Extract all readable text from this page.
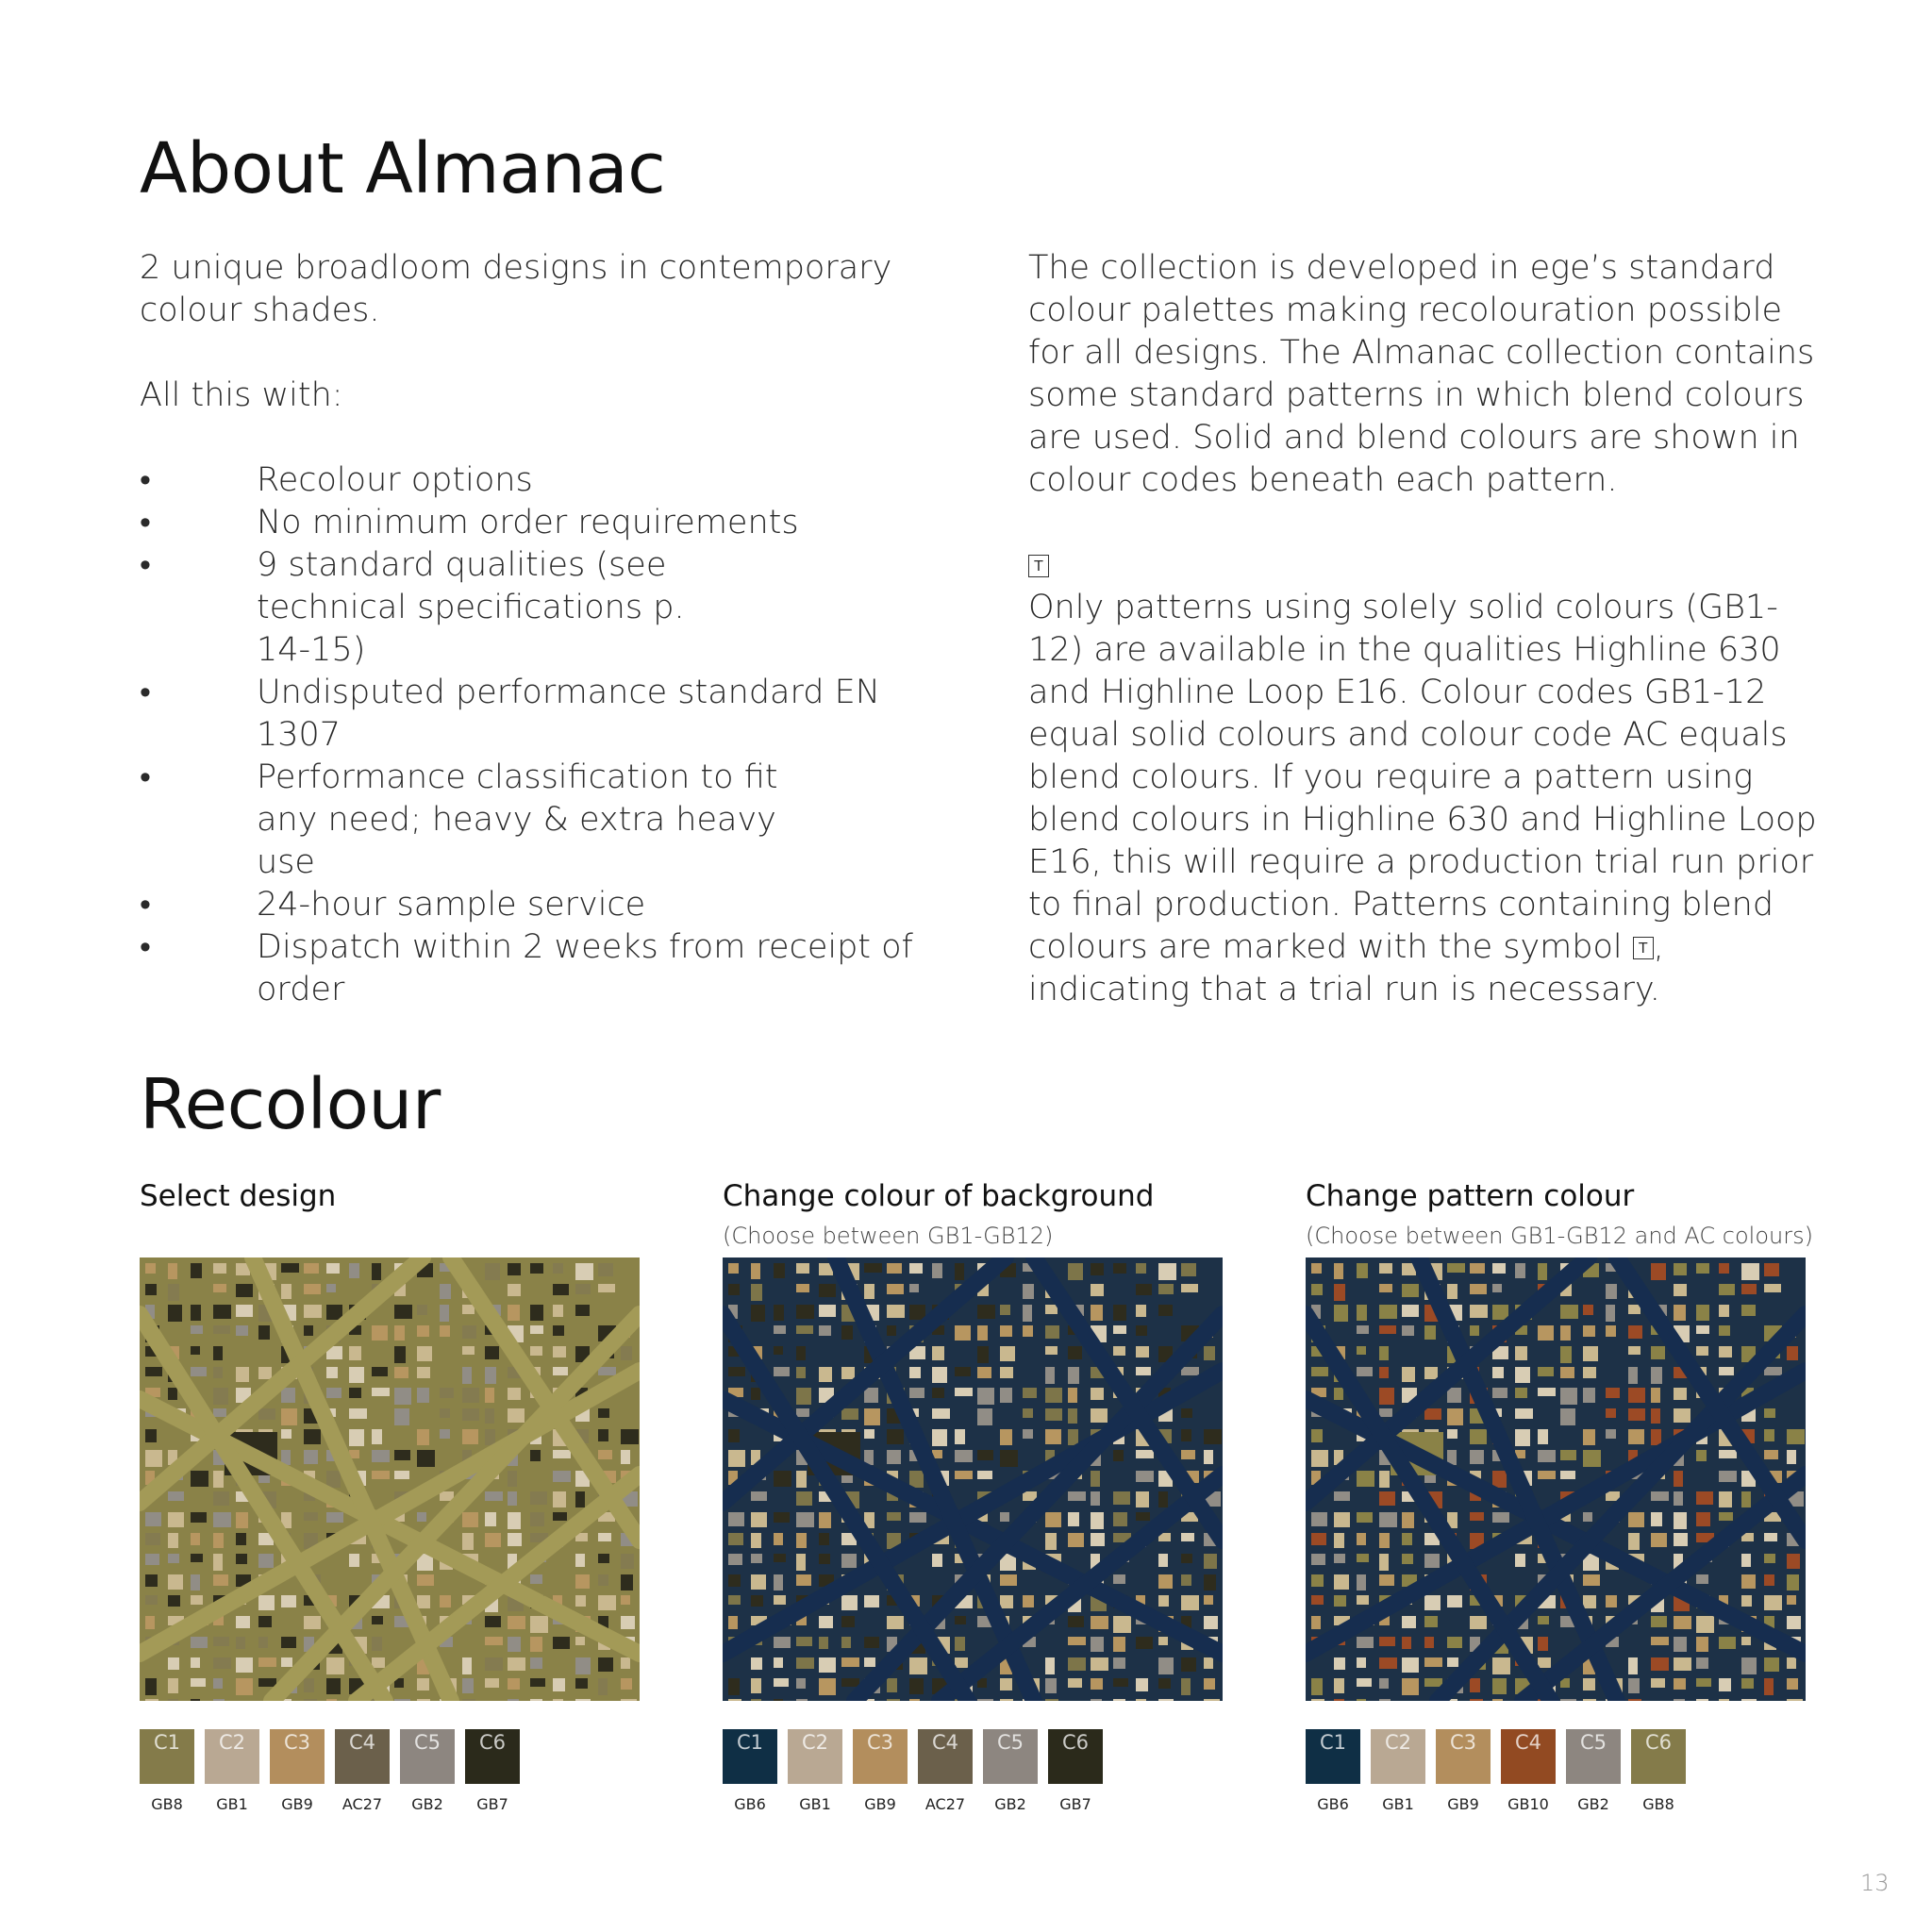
About Almanac

2 unique broadloom designs in contemporary colour shades.

All this with:

• Recolour options
• No minimum order requirements
• 9 standard qualities (see technical specifications p. 14-15)
• Undisputed performance standard EN 1307
• Performance classification to fit any need; heavy & extra heavy use
• 24-hour sample service
• Dispatch within 2 weeks from receipt of order

The collection is developed in ege’s standard colour palettes making recolouration possible for all designs. The Almanac collection contains some standard patterns in which blend colours are used. Solid and blend colours are shown in colour codes beneath each pattern.

T

Only patterns using solely solid colours (GB1-12) are available in the qualities Highline 630 and Highline Loop E16. Colour codes GB1-12 equal solid colours and colour code AC equals blend colours. If you require a pattern using blend colours in Highline 630 and Highline Loop E16, this will require a production trial run prior to final production. Patterns containing blend colours are marked with the symbol T , indicating that a trial run is necessary.

Recolour
Select design
C1
GB8
C2
GB1
C3
GB9
C4
AC27
C5
GB2
C6
GB7
Change colour of background
(Choose between GB1-GB12)
C1
GB6
C2
GB1
C3
GB9
C4
AC27
C5
GB2
C6
GB7
Change pattern colour
(Choose between GB1-GB12 and AC colours)
C1
GB6
C2
GB1
C3
GB9
C4
GB10
C5
GB2
C6
GB8
13
